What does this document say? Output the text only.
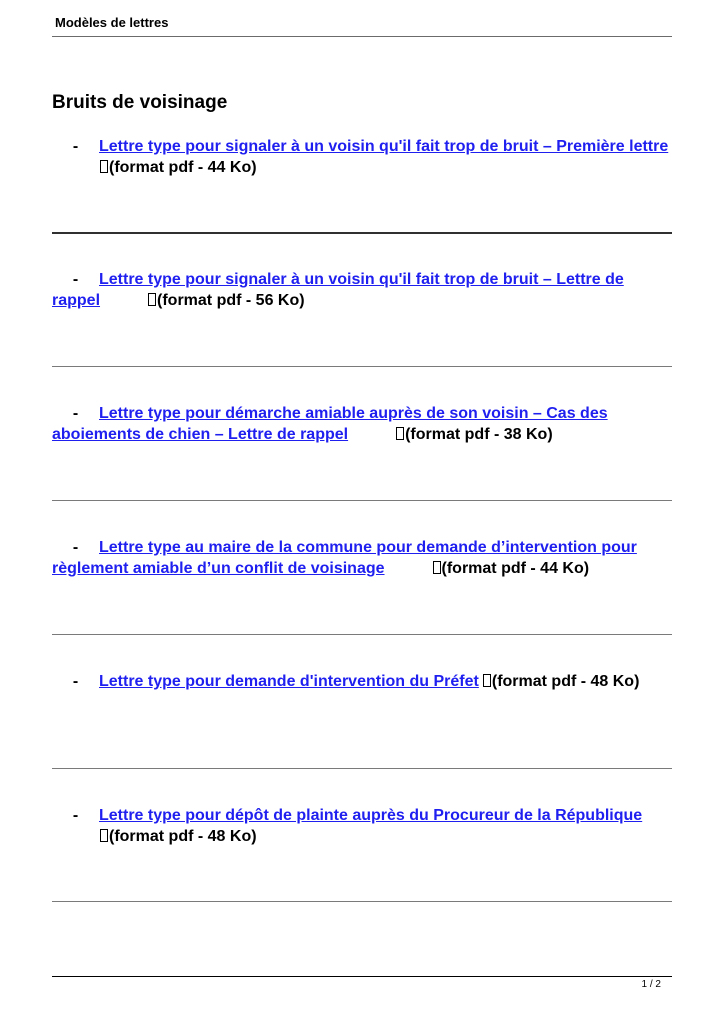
Modèles de lettres
Bruits de voisinage

- Lettre type pour signaler à un voisin qu'il fait trop de bruit – Première lettre(format pdf - 44 Ko)

- Lettre type pour signaler à un voisin qu'il fait trop de bruit – Lettre de rappel	(format pdf - 56 Ko)

- Lettre type pour démarche amiable auprès de son voisin – Cas des aboiements de chien – Lettre de rappel	(format pdf - 38 Ko)

- Lettre type au maire de la commune pour demande d’intervention pour règlement amiable d’un conflit de voisinage	(format pdf - 44 Ko)

- Lettre type pour demande d'intervention du Préfet (format pdf - 48 Ko)

- Lettre type pour dépôt de plainte auprès du Procureur de la République(format pdf - 48 Ko)

1 / 2
